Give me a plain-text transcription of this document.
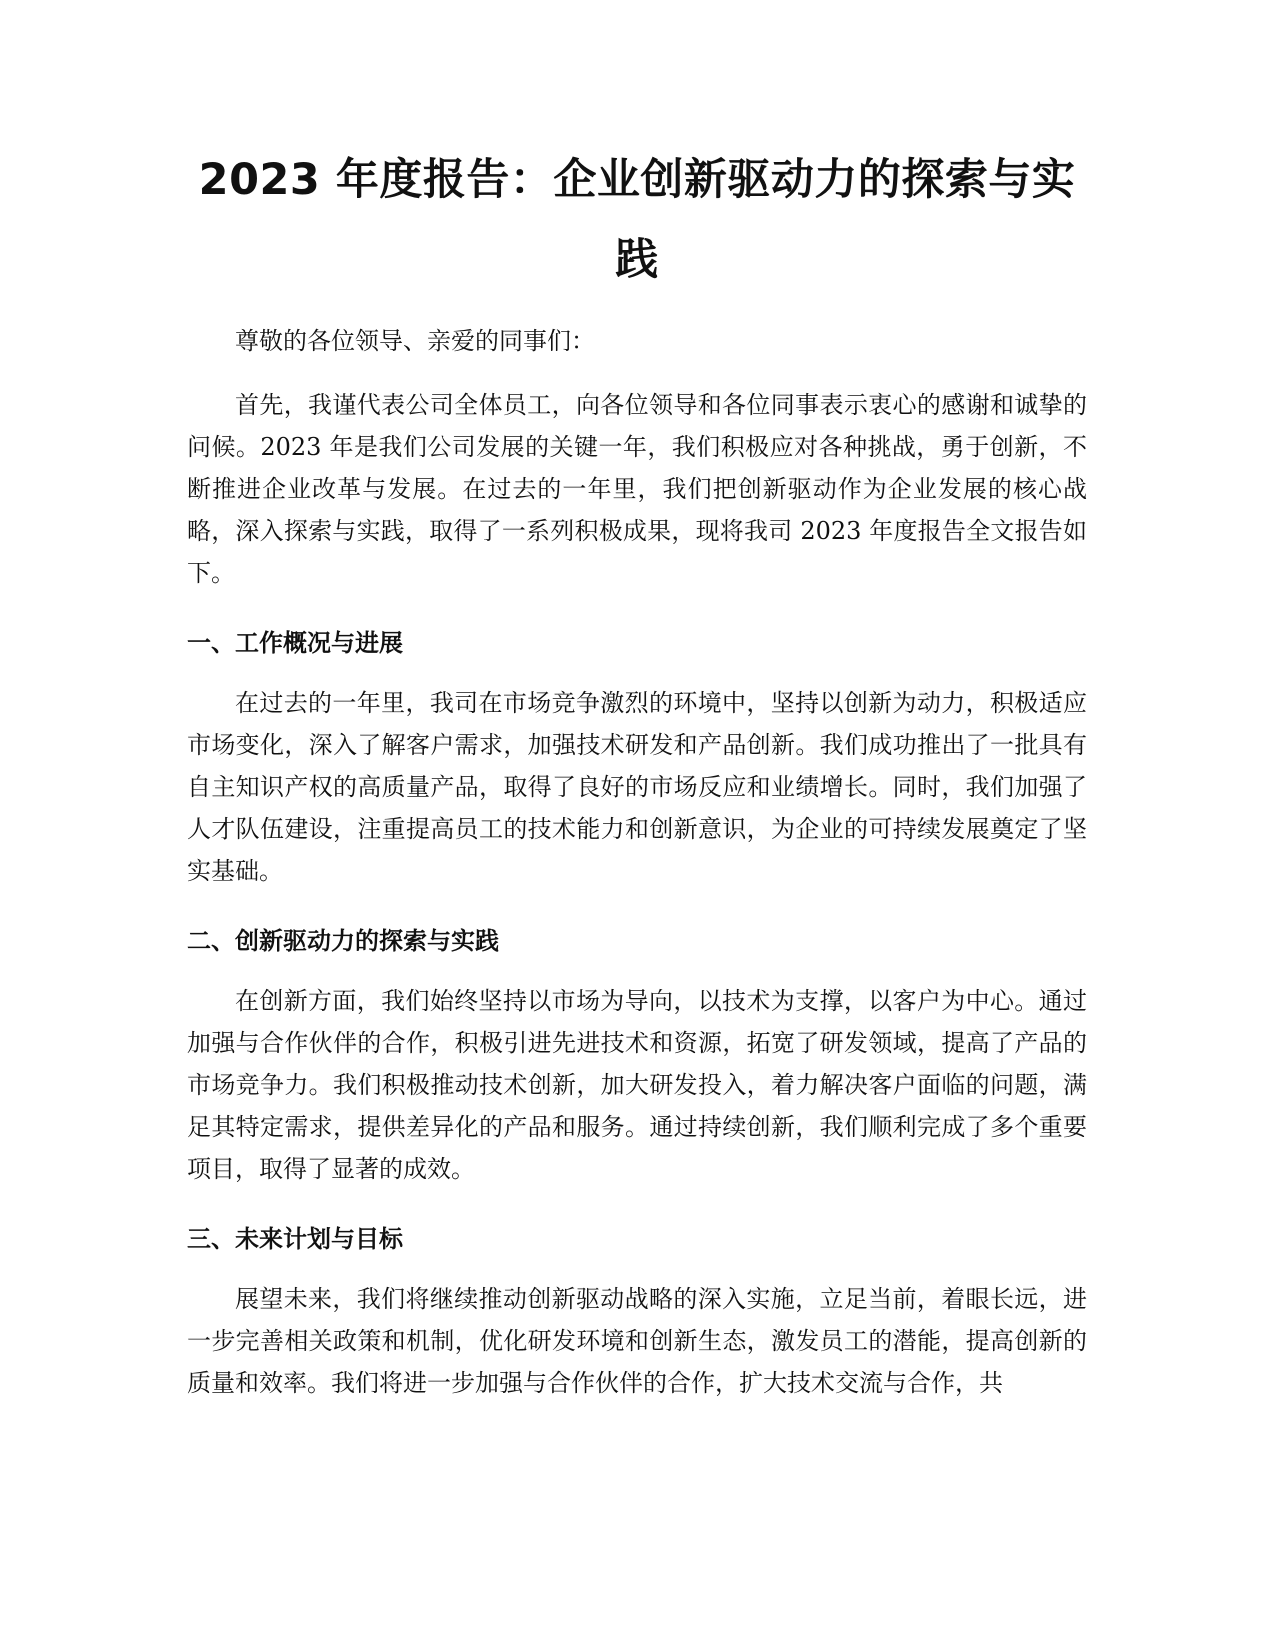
2023 年度报告：企业创新驱动力的探索与实践

尊敬的各位领导、亲爱的同事们：

首先，我谨代表公司全体员工，向各位领导和各位同事表示衷心的感谢和诚挚的问候。2023 年是我们公司发展的关键一年，我们积极应对各种挑战，勇于创新，不断推进企业改革与发展。在过去的一年里，我们把创新驱动作为企业发展的核心战略，深入探索与实践，取得了一系列积极成果，现将我司 2023 年度报告全文报告如下。

一、工作概况与进展

在过去的一年里，我司在市场竞争激烈的环境中，坚持以创新为动力，积极适应市场变化，深入了解客户需求，加强技术研发和产品创新。我们成功推出了一批具有自主知识产权的高质量产品，取得了良好的市场反应和业绩增长。同时，我们加强了人才队伍建设，注重提高员工的技术能力和创新意识，为企业的可持续发展奠定了坚实基础。

二、创新驱动力的探索与实践

在创新方面，我们始终坚持以市场为导向，以技术为支撑，以客户为中心。通过加强与合作伙伴的合作，积极引进先进技术和资源，拓宽了研发领域，提高了产品的市场竞争力。我们积极推动技术创新，加大研发投入，着力解决客户面临的问题，满足其特定需求，提供差异化的产品和服务。通过持续创新，我们顺利完成了多个重要项目，取得了显著的成效。

三、未来计划与目标

展望未来，我们将继续推动创新驱动战略的深入实施，立足当前，着眼长远，进一步完善相关政策和机制，优化研发环境和创新生态，激发员工的潜能，提高创新的质量和效率。我们将进一步加强与合作伙伴的合作，扩大技术交流与合作，共
